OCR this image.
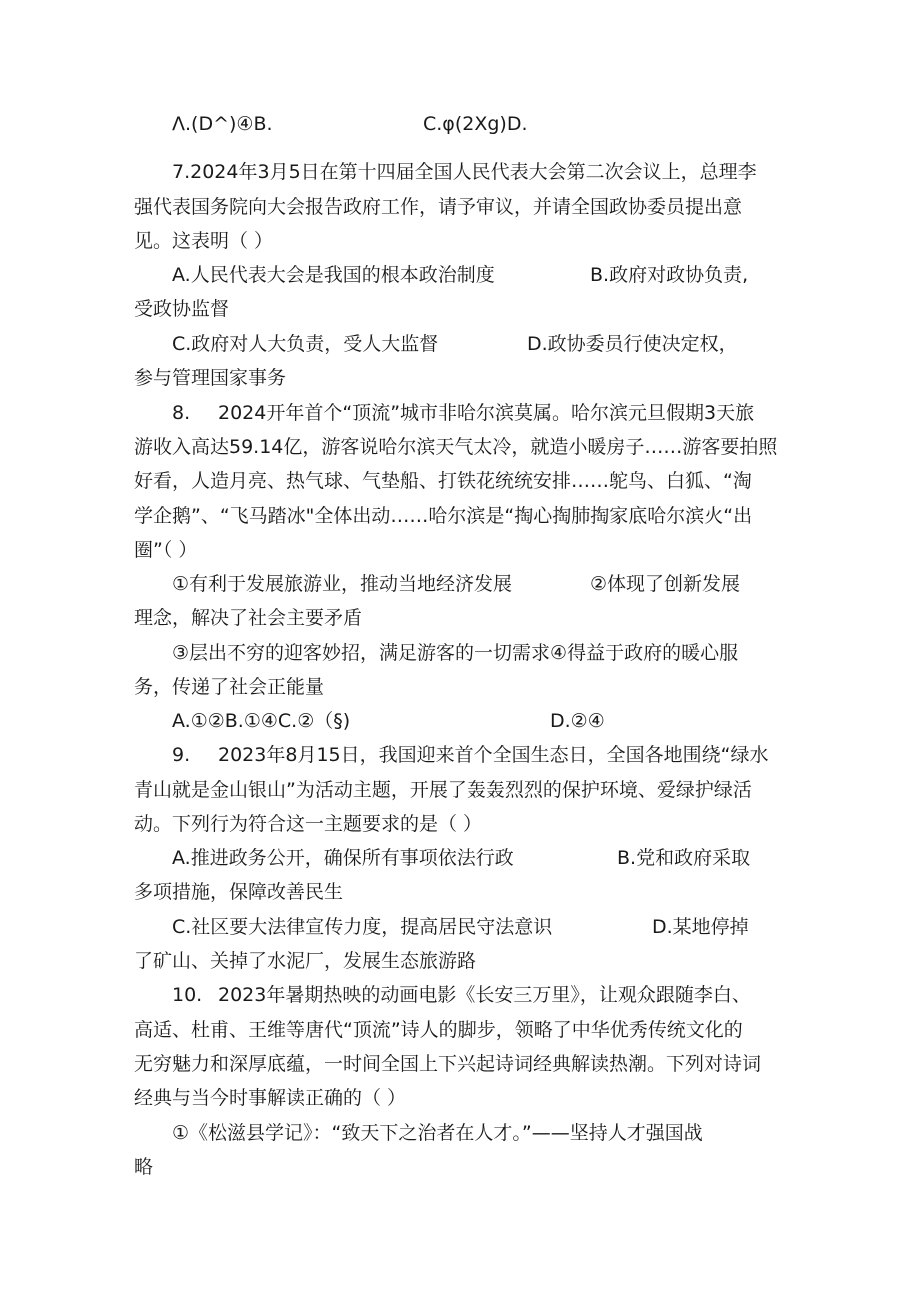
Λ.(D^)④B.	C.φ(2Xg)D.
7.2024年3月5日在第十四届全国人民代表大会第二次会议上，总理李
强代表国务院向大会报告政府工作，请予审议，并请全国政协委员提出意
见。这表明（ ）
A.人民代表大会是我国的根本政治制度	B.政府对政协负责,
受政协监督
C.政府对人大负责，受人大监督	D.政协委员行使决定权，
参与管理国家事务
8. 2024开年首个“顶流”城市非哈尔滨莫属。哈尔滨元旦假期3天旅
游收入高达59.14亿，游客说哈尔滨天气太冷，就造小暖房子……游客要拍照
好看，人造月亮、热气球、气垫船、打铁花统统安排……鸵鸟、白狐、“淘
学企鹅”、“飞马踏冰"全体出动……哈尔滨是“掏心掏肺掏家底哈尔滨火“出
圈”（ ）
①有利于发展旅游业，推动当地经济发展	②体现了创新发展
理念，解决了社会主要矛盾
③层出不穷的迎客妙招，满足游客的一切需求④得益于政府的暖心服
务，传递了社会正能量
A.①②B.①④C.②（§)	D.②④
9. 2023年8月15日，我国迎来首个全国生态日，全国各地围绕“绿水
青山就是金山银山”为活动主题，开展了轰轰烈烈的保护环境、爱绿护绿活
动。下列行为符合这一主题要求的是（ ）
A.推进政务公开，确保所有事项依法行政	B.党和政府采取
多项措施，保障改善民生
C.社区要大法律宣传力度，提高居民守法意识	D.某地停掉
了矿山、关掉了水泥厂，发展生态旅游路
10. 2023年暑期热映的动画电影《长安三万里》，让观众跟随李白、
高适、杜甫、王维等唐代“顶流”诗人的脚步，领略了中华优秀传统文化的
无穷魅力和深厚底蕴，一时间全国上下兴起诗词经典解读热潮。下列对诗词
经典与当今时事解读正确的（ ）
①《松滋县学记》：“致天下之治者在人才。”——坚持人才强国战
略
